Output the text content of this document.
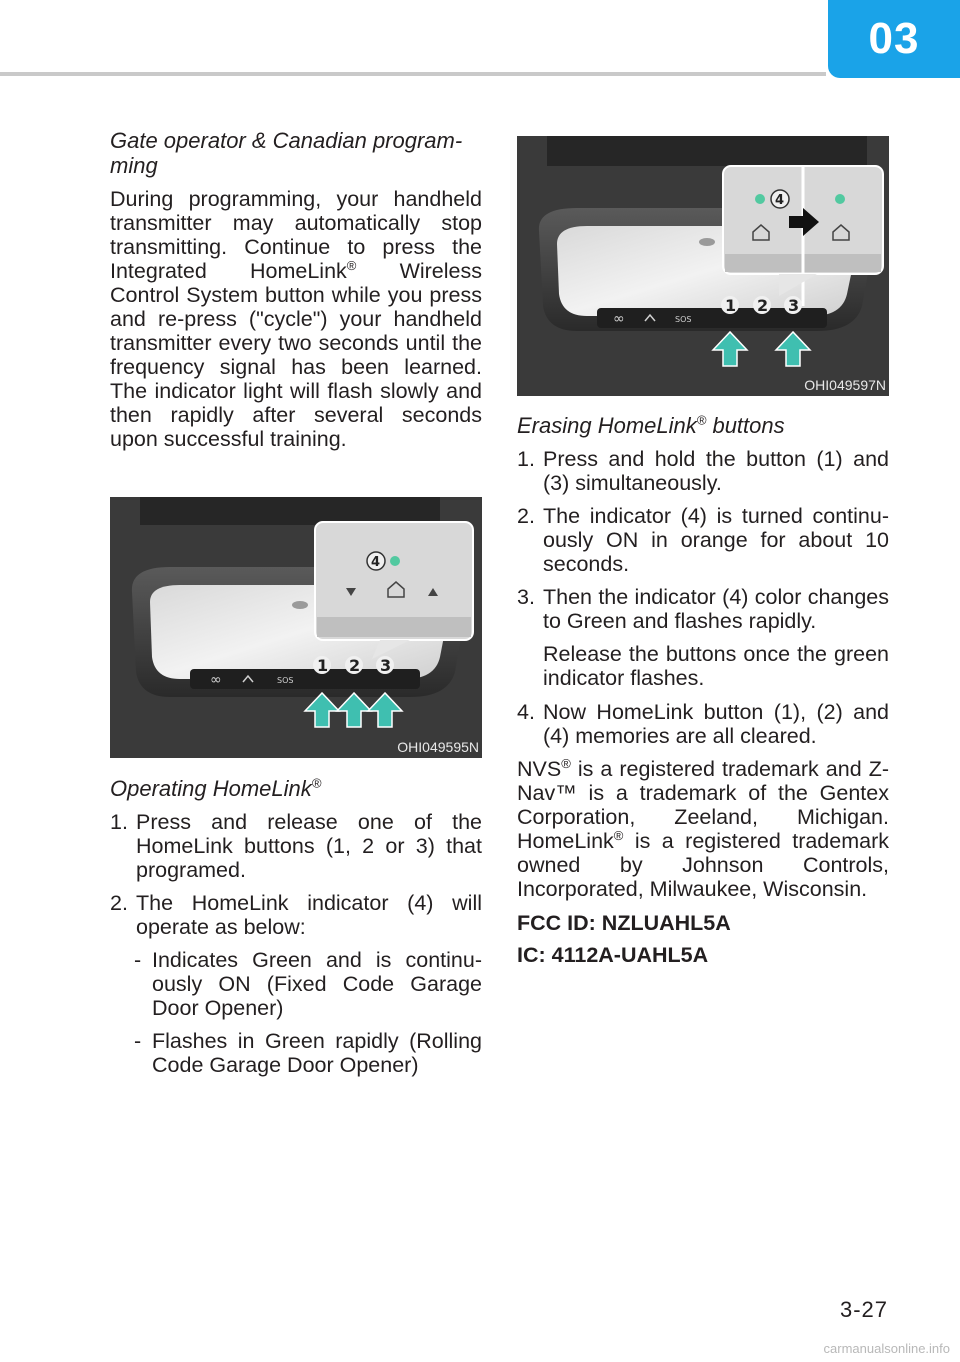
03
Gate operator & Canadian program-ming

During programming, your handheld transmitter may automatically stop transmitting. Continue to press the Integrated HomeLink® Wireless Control System button while you press and re-press ("cycle") your handheld transmitter every two seconds until the frequency signal has been learned. The indicator light will flash slowly and then rapidly after several seconds upon successful training.

∞	SOS
4
1 2 3
OHI049595N
Operating HomeLink®
1. Press and release one of the HomeLink buttons (1, 2 or 3) that programed.
2. The HomeLink indicator (4) will operate as below:
- Indicates Green and is continu-ously ON (Fixed Code Garage Door Opener)
- Flashes in Green rapidly (Rolling Code Garage Door Opener)
∞	SOS
4
1 2 3
OHI049597N
Erasing HomeLink® buttons
1. Press and hold the button (1) and (3) simultaneously.
2. The indicator (4) is turned continu-ously ON in orange for about 10 seconds.
3. Then the indicator (4) color changes to Green and flashes rapidly.
Release the buttons once the green indicator flashes.
4. Now HomeLink button (1), (2) and (4) memories are all cleared.

NVS® is a registered trademark and Z-Nav™ is a trademark of the Gentex Corporation, Zeeland, Michigan. HomeLink® is a registered trademark owned by Johnson Controls, Incorporated, Milwaukee, Wisconsin.

FCC ID: NZLUAHL5A
IC: 4112A-UAHL5A
3-27
carmanualsonline.info
